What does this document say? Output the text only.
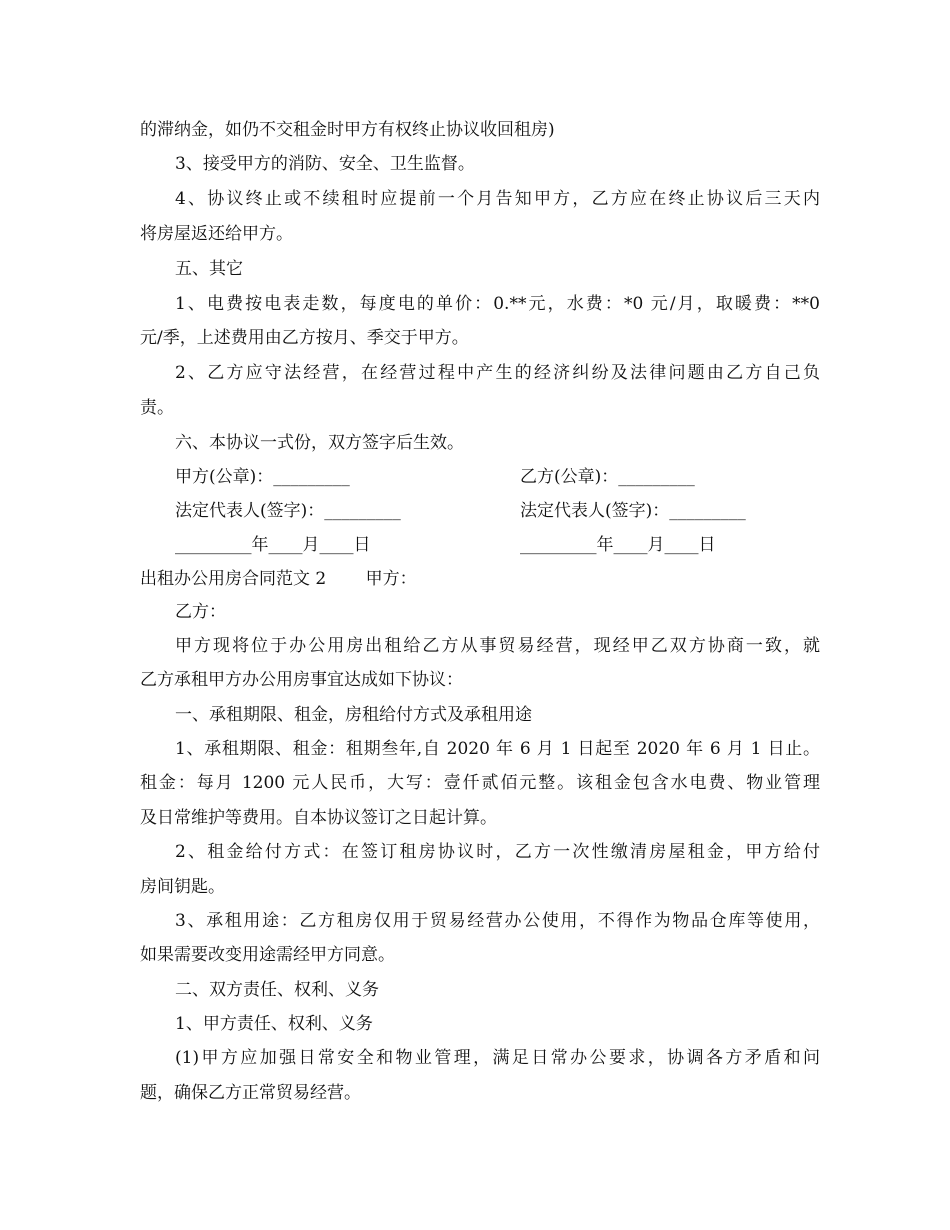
的滞纳金，如仍不交租金时甲方有权终止协议收回租房)
3、接受甲方的消防、安全、卫生监督。
4、协议终止或不续租时应提前一个月告知甲方，乙方应在终止协议后三天内
将房屋返还给甲方。
五、其它
1、电费按电表走数，每度电的单价：0.**元，水费：*0 元/月，取暖费：**0
元/季，上述费用由乙方按月、季交于甲方。
2、乙方应守法经营，在经营过程中产生的经济纠纷及法律问题由乙方自己负
责。
六、本协议一式份，双方签字后生效。
甲方(公章)：_________	乙方(公章)：_________
法定代表人(签字)：_________	法定代表人(签字)：_________
_________年____月____日	_________年____月____日
出租办公用房合同范文 2　　 甲方：
乙方：
甲方现将位于办公用房出租给乙方从事贸易经营，现经甲乙双方协商一致，就
乙方承租甲方办公用房事宜达成如下协议：
一、承租期限、租金，房租给付方式及承租用途
1、承租期限、租金：租期叁年,自 2020 年 6 月 1 日起至 2020 年 6 月 1 日止。
租金：每月 1200 元人民币，大写：壹仟贰佰元整。该租金包含水电费、物业管理
及日常维护等费用。自本协议签订之日起计算。
2、租金给付方式：在签订租房协议时，乙方一次性缴清房屋租金，甲方给付
房间钥匙。
3、承租用途：乙方租房仅用于贸易经营办公使用，不得作为物品仓库等使用，
如果需要改变用途需经甲方同意。
二、双方责任、权利、义务
1、甲方责任、权利、义务
(1)甲方应加强日常安全和物业管理，满足日常办公要求，协调各方矛盾和问
题，确保乙方正常贸易经营。
